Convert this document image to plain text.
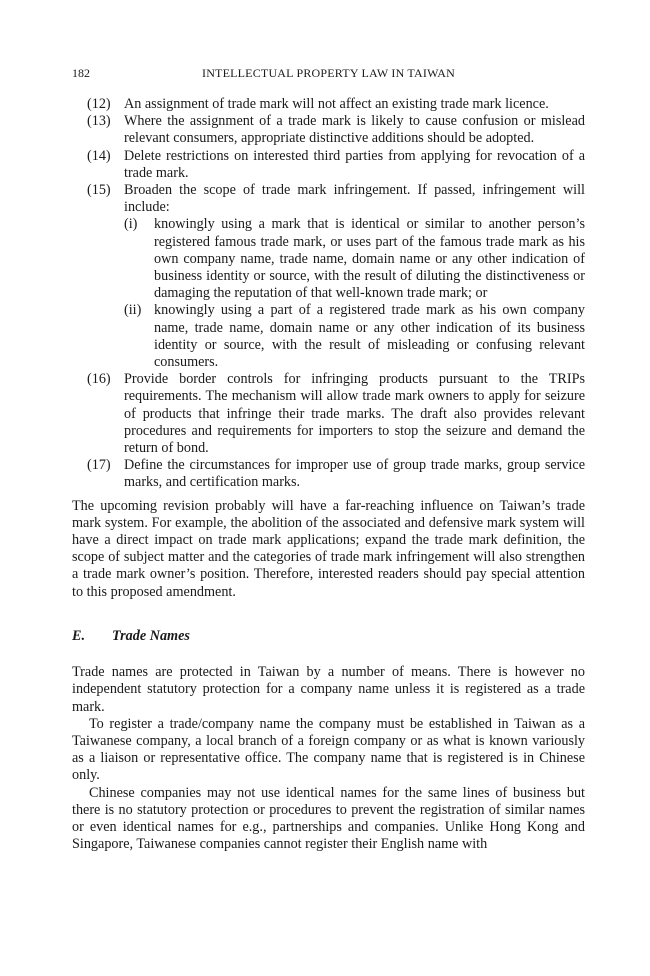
182	INTELLECTUAL PROPERTY LAW IN TAIWAN
(12) An assignment of trade mark will not affect an existing trade mark licence.
(13) Where the assignment of a trade mark is likely to cause confusion or mislead relevant consumers, appropriate distinctive additions should be adopted.
(14) Delete restrictions on interested third parties from applying for revocation of a trade mark.
(15) Broaden the scope of trade mark infringement. If passed, infringement will include:
(i) knowingly using a mark that is identical or similar to another person’s registered famous trade mark, or uses part of the famous trade mark as his own company name, trade name, domain name or any other indication of business identity or source, with the result of diluting the distinctiveness or damaging the reputation of that well-known trade mark; or
(ii) knowingly using a part of a registered trade mark as his own company name, trade name, domain name or any other indication of its business identity or source, with the result of misleading or confusing relevant consumers.
(16) Provide border controls for infringing products pursuant to the TRIPs requirements. The mechanism will allow trade mark owners to apply for seizure of products that infringe their trade marks. The draft also provides relevant procedures and requirements for importers to stop the seizure and demand the return of bond.
(17) Define the circumstances for improper use of group trade marks, group service marks, and certification marks.

The upcoming revision probably will have a far-reaching influence on Taiwan’s trade mark system. For example, the abolition of the associated and defensive mark system will have a direct impact on trade mark applications; expand the trade mark definition, the scope of subject matter and the categories of trade mark infringement will also strengthen a trade mark owner’s position. Therefore, interested readers should pay special attention to this proposed amendment.

E. Trade Names

Trade names are protected in Taiwan by a number of means. There is however no independent statutory protection for a company name unless it is registered as a trade mark.

To register a trade/company name the company must be established in Taiwan as a Taiwanese company, a local branch of a foreign company or as what is known variously as a liaison or representative office. The company name that is registered is in Chinese only.

Chinese companies may not use identical names for the same lines of business but there is no statutory protection or procedures to prevent the registration of similar names or even identical names for e.g., partnerships and companies. Unlike Hong Kong and Singapore, Taiwanese companies cannot register their English name with
